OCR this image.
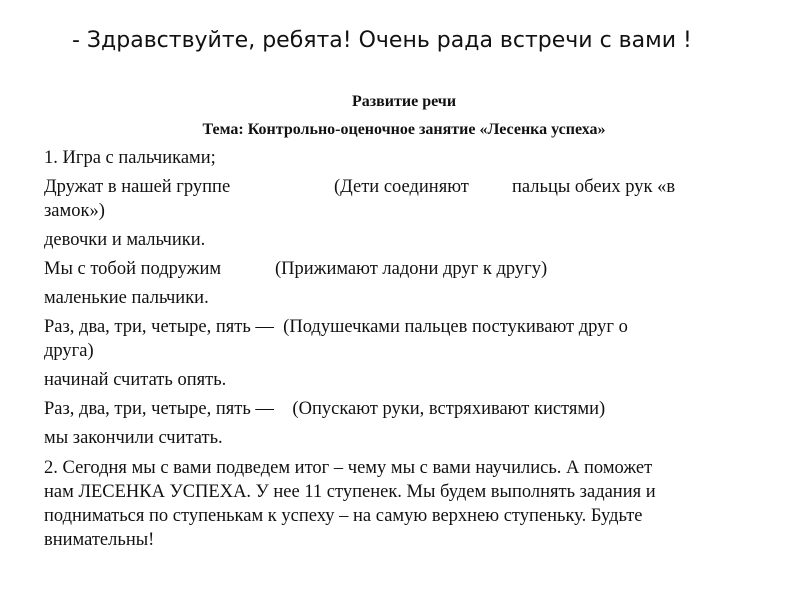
- Здравствуйте, ребята! Очень рада встречи с вами !
Развитие речи
Тема: Контрольно-оценочное занятие «Лесенка успеха»

1. Игра с пальчиками;

Дружат в нашей группе	(Дети соединяют	пальцы обеих рук «в
замок»)

девочки и мальчики.

Мы с тобой подружим	(Прижимают ладони друг к другу)

маленькие пальчики.

Раз, два, три, четыре, пять —  (Подушечками пальцев постукивают друг о
друга)

начинай считать опять.

Раз, два, три, четыре, пять —    (Опускают руки, встряхивают кистями)

мы закончили считать.

2. Сегодня мы с вами подведем итог – чему мы с вами научились. А поможет
нам ЛЕСЕНКА УСПЕХА. У нее 11 ступенек. Мы будем выполнять задания и
подниматься по ступенькам к успеху – на самую верхнею ступеньку. Будьте
внимательны!
